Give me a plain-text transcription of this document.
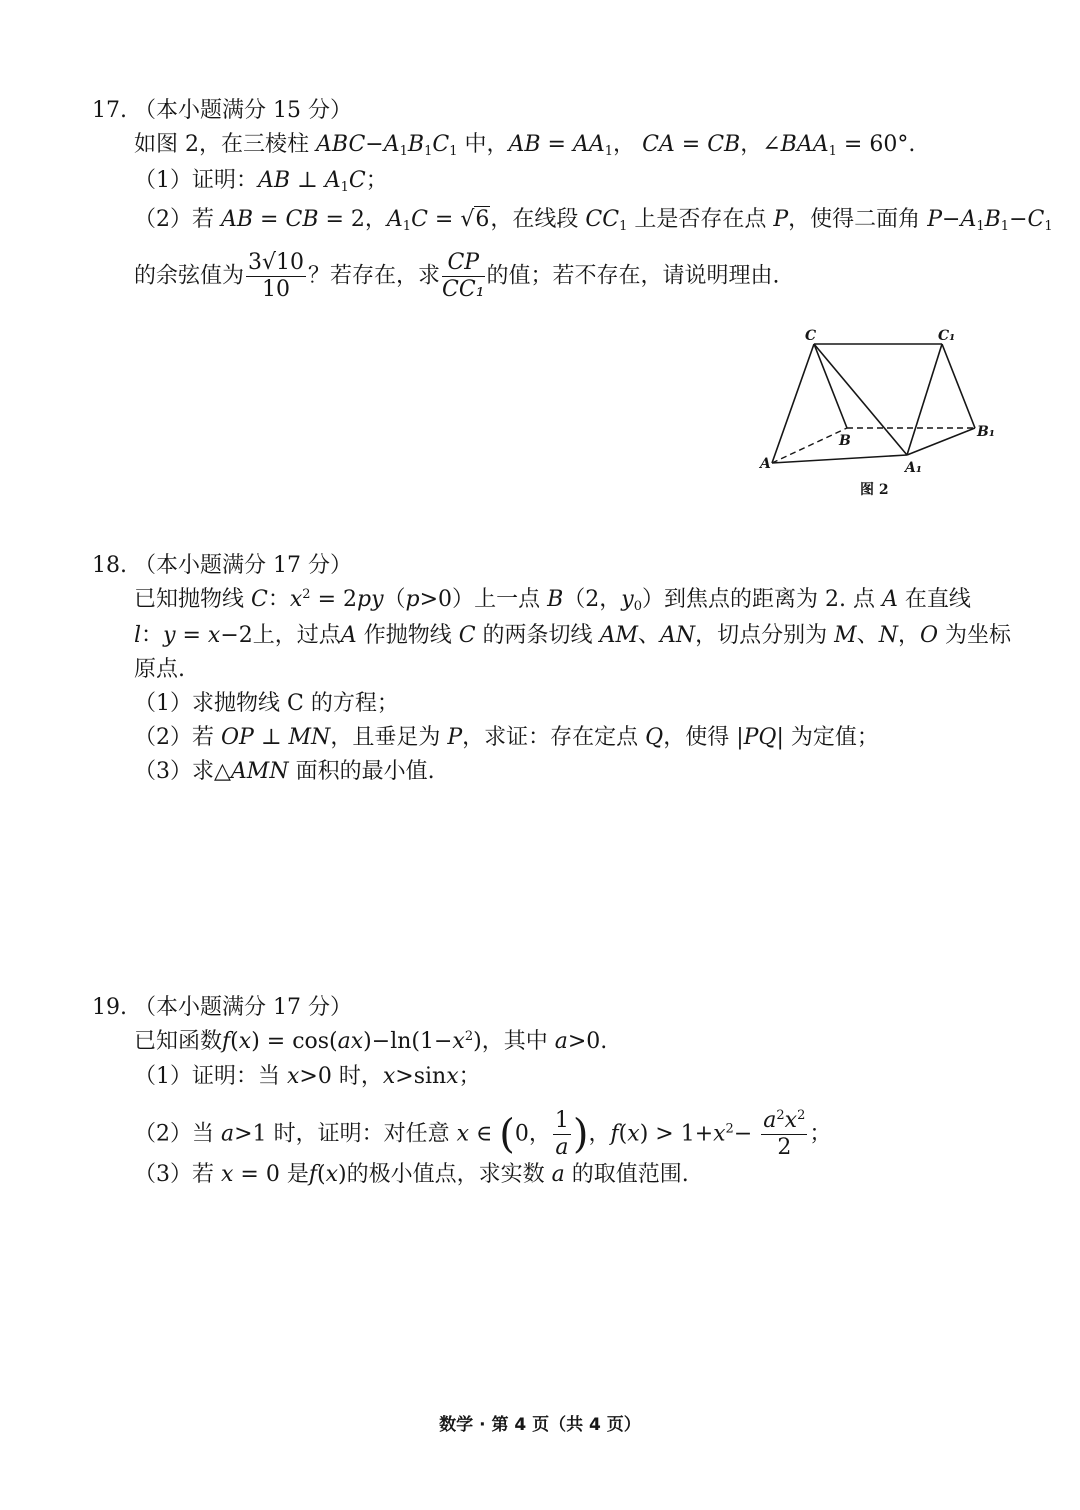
17. （本小题满分 15 分）
如图 2，在三棱柱 $ABC-A_1B_1C_1$ 中，AB = $AA_1$， CA = CB，$\angle BAA_1 = 60^\circ$.
（1）证明：AB ⊥ $A_1C$；
（2）若 AB = CB = 2，$A_1C = √6$，在线段 $CC_1$ 上是否存在点 P，使得二面角 $P-A_1B_1-C_1$
的余弦值为 $\frac{3√10}{10}$ ？若存在，求 $\frac{CP}{\text{CC₁}}$ 的值；若不存在，请说明理由.
C	C₁
B
B₁
A	A₁
图 2
18. （本小题满分 17 分）
已知抛物线 C：$x^2 = 2py(p>0)$上一点 B（2，$y_0$）到焦点的距离为 2. 点 A 在直线
l：y = x−2上，过点A 作抛物线 C 的两条切线 AM、AN，切点分别为 M、N，O 为坐标
原点.
（1）求抛物线 C 的方程；
（2）若 OP ⊥ MN，且垂足为 P，求证：存在定点 Q，使得 |PQ| 为定值；
（3）求△AMN 面积的最小值.
19. （本小题满分 17 分）
已知函数$f(x) = \cos(ax)-\ln(1-x^2)$，其中 a>0.
（1）证明：当 x>0 时，x>sinx；
（2）当 a>1 时，证明：对任意 x ∈ (0， $\frac{1}{a}$ )，$f(x) > 1+x^2- \frac{a^2x^2}{2}$ ；
（3）若 x = 0 是f(x)的极小值点，求实数 a 的取值范围.
数学 · 第 4 页（共 4 页）
